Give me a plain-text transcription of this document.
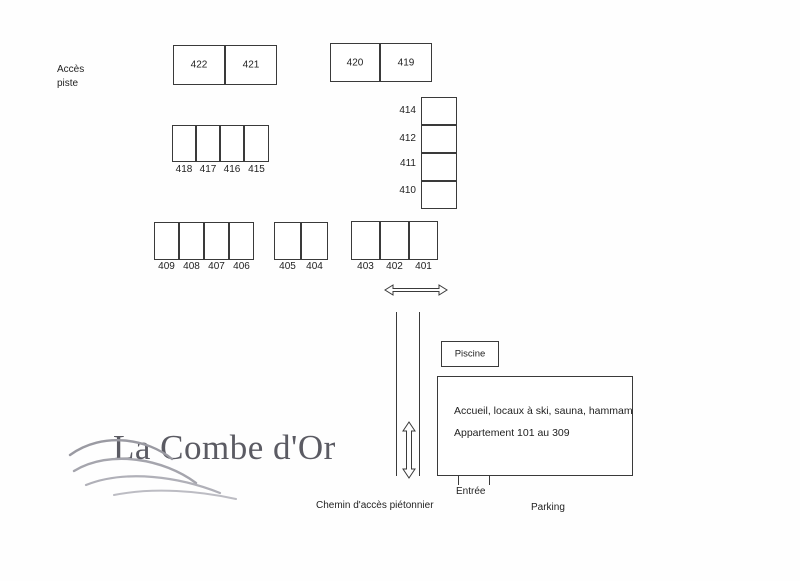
Accès
piste
422	421	420	419
418 417 416 415
414
412
411
410
409 408 407 406	405	404	403	402	401
Piscine
Accueil, locaux à ski, sauna, hammam
Appartement 101 au 309
Entrée
Parking
Chemin d'accès piétonnier
La Combe d'Or
